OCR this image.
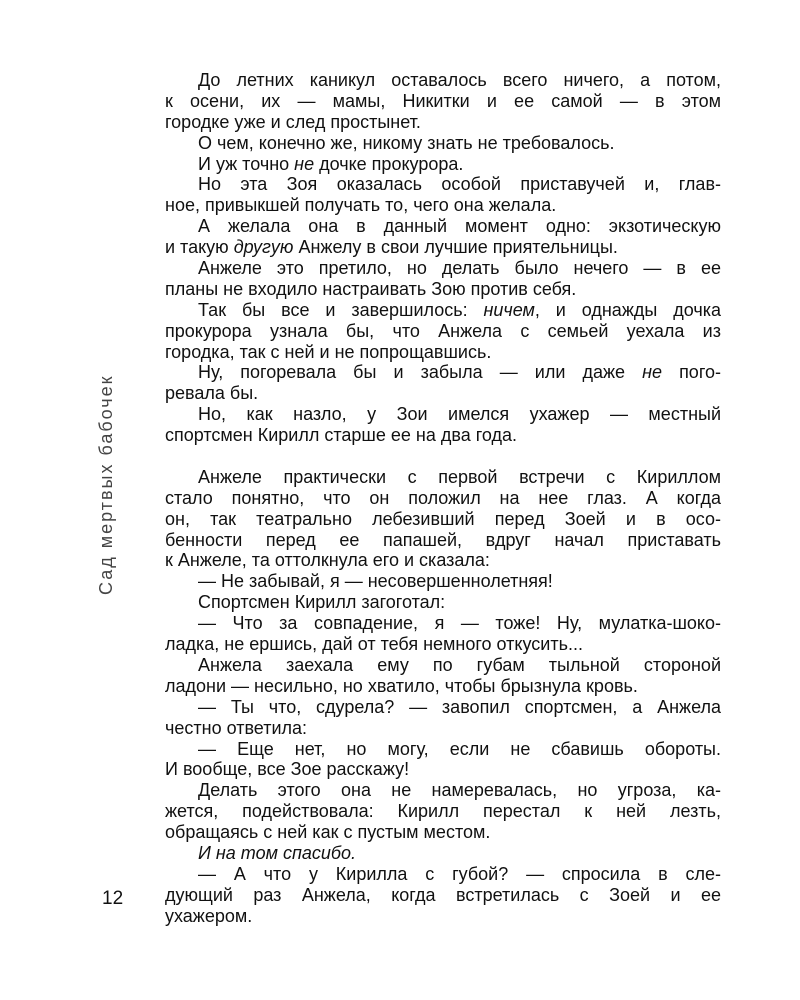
Сад мертвых бабочек
12
До летних каникул оставалось всего ничего, а потом,
к осени, их — мамы, Никитки и ее самой — в этом
городке уже и след простынет.
О чем, конечно же, никому знать не требовалось.
И уж точно не дочке прокурора.
Но эта Зоя оказалась особой приставучей и, глав-
ное, привыкшей получать то, чего она желала.
А желала она в данный момент одно: экзотическую
и такую другую Анжелу в свои лучшие приятельницы.
Анжеле это претило, но делать было нечего — в ее
планы не входило настраивать Зою против себя.
Так бы все и завершилось: ничем, и однажды дочка
прокурора узнала бы, что Анжела с семьей уехала из
городка, так с ней и не попрощавшись.
Ну, погоревала бы и забыла — или даже не пого-
ревала бы.
Но, как назло, у Зои имелся ухажер — местный
спортсмен Кирилл старше ее на два года.
Анжеле практически с первой встречи с Кириллом
стало понятно, что он положил на нее глаз. А когда
он, так театрально лебезивший перед Зоей и в осо-
бенности перед ее папашей, вдруг начал приставать
к Анжеле, та оттолкнула его и сказала:
— Не забывай, я — несовершеннолетняя!
Спортсмен Кирилл загоготал:
— Что за совпадение, я — тоже! Ну, мулатка-шоко-
ладка, не ершись, дай от тебя немного откусить...
Анжела заехала ему по губам тыльной стороной
ладони — несильно, но хватило, чтобы брызнула кровь.
— Ты что, сдурела? — завопил спортсмен, а Анжела
честно ответила:
— Еще нет, но могу, если не сбавишь обороты.
И вообще, все Зое расскажу!
Делать этого она не намеревалась, но угроза, ка-
жется, подействовала: Кирилл перестал к ней лезть,
обращаясь с ней как с пустым местом.
И на том спасибо.
— А что у Кирилла с губой? — спросила в сле-
дующий раз Анжела, когда встретилась с Зоей и ее
ухажером.
